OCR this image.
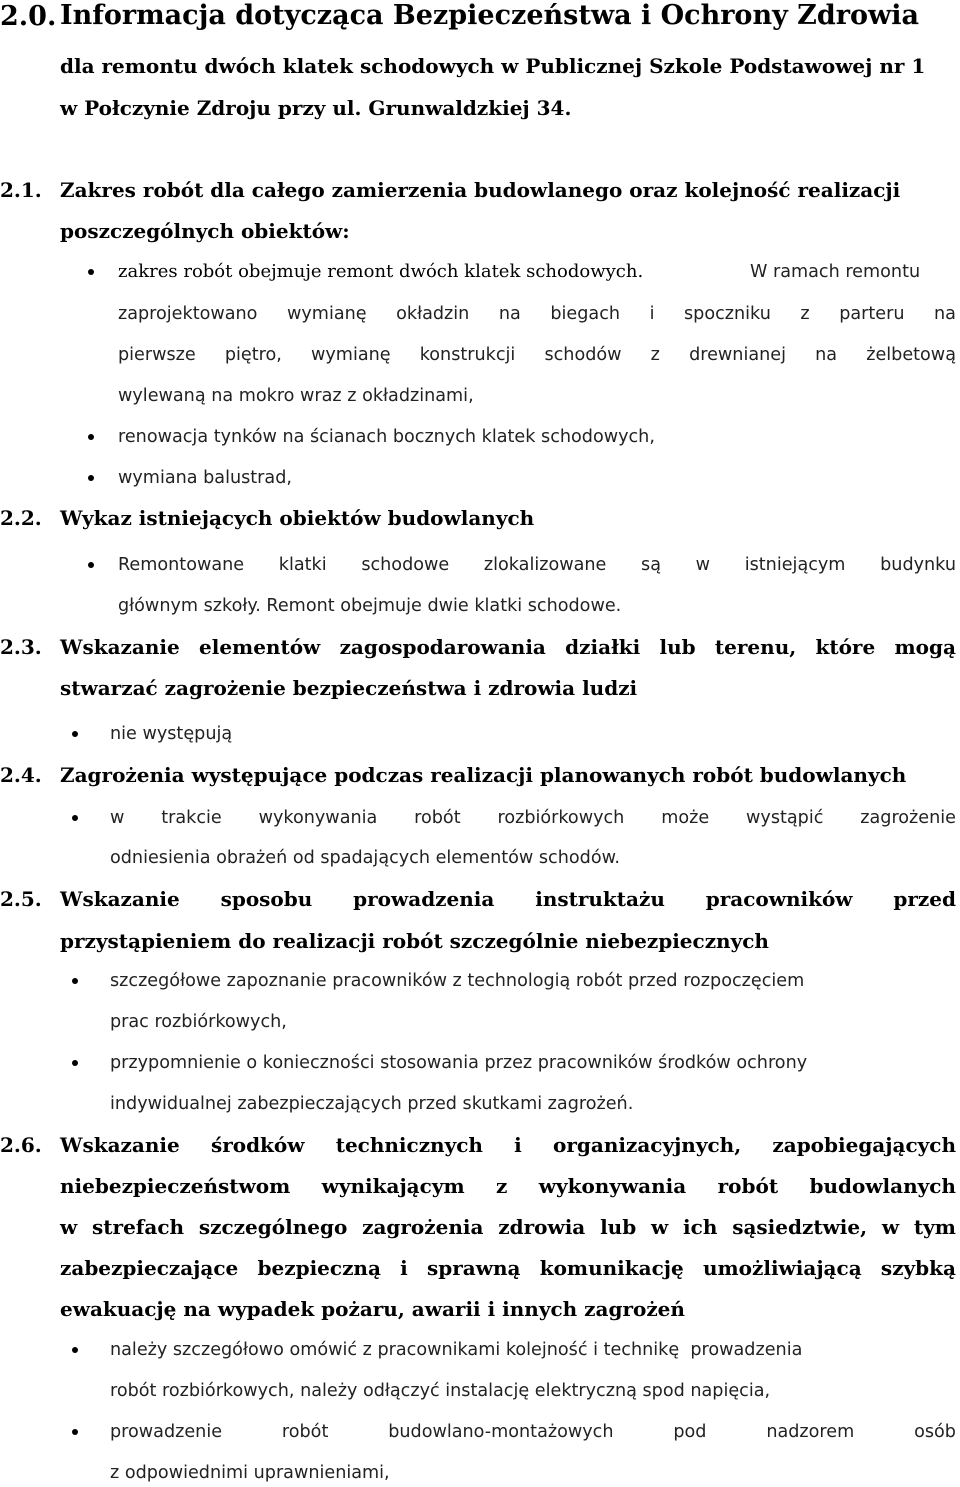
2.0. Informacja dotycząca Bezpieczeństwa i Ochrony Zdrowia
dla remontu dwóch klatek schodowych w Publicznej Szkole Podstawowej nr 1
w Połczynie Zdroju przy ul. Grunwaldzkiej 34.
2.1. Zakres robót dla całego zamierzenia budowlanego oraz kolejność realizacji
poszczególnych obiektów:
zakres robót obejmuje remont dwóch klatek schodowych.	W ramach remontu
zaprojektowano wymianę okładzin na biegach i spoczniku z parteru na
pierwsze piętro, wymianę konstrukcji schodów z drewnianej na żelbetową
wylewaną na mokro wraz z okładzinami,
renowacja tynków na ścianach bocznych klatek schodowych,
wymiana balustrad,
2.2. Wykaz istniejących obiektów budowlanych
Remontowane klatki schodowe zlokalizowane są w istniejącym budynku
głównym szkoły. Remont obejmuje dwie klatki schodowe.
2.3. Wskazanie elementów zagospodarowania działki lub terenu, które mogą
stwarzać zagrożenie bezpieczeństwa i zdrowia ludzi
nie występują
2.4. Zagrożenia występujące podczas realizacji planowanych robót budowlanych
w trakcie wykonywania robót rozbiórkowych może wystąpić zagrożenie
odniesienia obrażeń od spadających elementów schodów.
2.5. Wskazanie sposobu prowadzenia instruktażu pracowników przed
przystąpieniem do realizacji robót szczególnie niebezpiecznych
szczegółowe zapoznanie pracowników z technologią robót przed rozpoczęciem
prac rozbiórkowych,
przypomnienie o konieczności stosowania przez pracowników środków ochrony
indywidualnej zabezpieczających przed skutkami zagrożeń.
2.6. Wskazanie środków technicznych i organizacyjnych, zapobiegających
niebezpieczeństwom wynikającym z wykonywania robót budowlanych
w strefach szczególnego zagrożenia zdrowia lub w ich sąsiedztwie, w tym
zabezpieczające bezpieczną i sprawną komunikację umożliwiającą szybką
ewakuację na wypadek pożaru, awarii i innych zagrożeń
należy szczegółowo omówić z pracownikami kolejność i technikę  prowadzenia
robót rozbiórkowych, należy odłączyć instalację elektryczną spod napięcia,
prowadzenie	robót	budowlano-montażowych	pod	nadzorem	osób
z odpowiednimi uprawnieniami,
